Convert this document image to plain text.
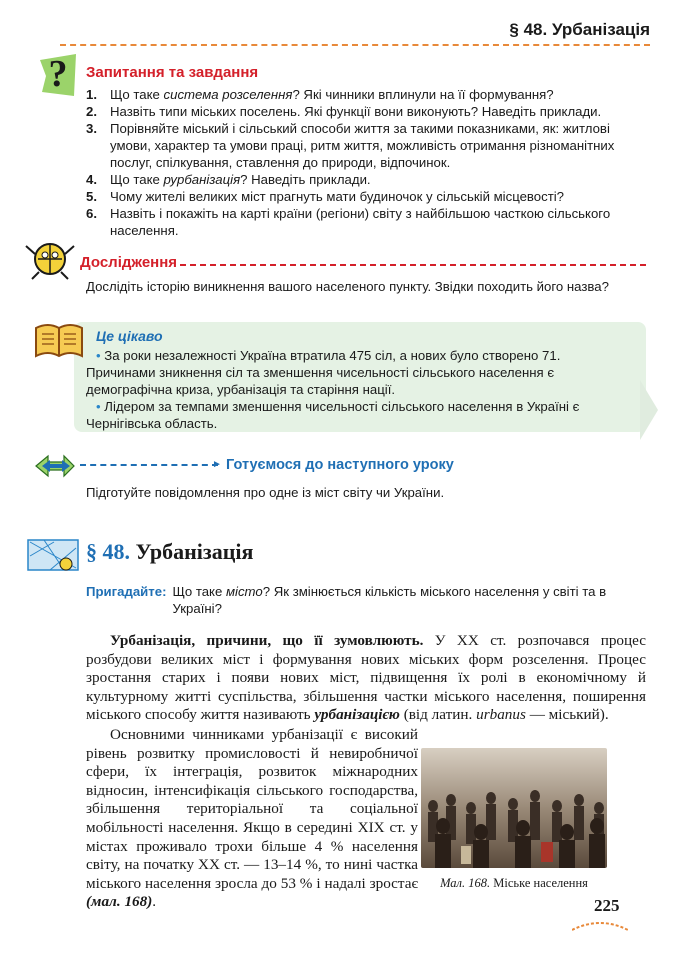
§ 48. Урбанізація
? Запитання та завдання
1. Що таке система розселення? Які чинники вплинули на її формування?
2. Назвіть типи міських поселень. Які функції вони виконують? Наведіть приклади.
3. Порівняйте міський і сільський способи життя за такими показниками, як: житлові умови, характер та умови праці, ритм життя, можливість отримання різноманітних послуг, спілкування, ставлення до природи, відпочинок.
4. Що таке рурбанізація? Наведіть приклади.
5. Чому жителі великих міст прагнуть мати будиночок у сільській місцевості?
6. Назвіть і покажіть на карті країни (регіони) світу з найбільшою часткою сільського населення.
Дослідження
Дослідіть історію виникнення вашого населеного пункту. Звідки походить його назва?
Це цікаво
• За роки незалежності Україна втратила 475 сіл, а нових було створено 71. Причинами зникнення сіл та зменшення чисельності сільського населення є демографічна криза, урбанізація та старіння нації.
• Лідером за темпами зменшення чисельності сільського населення в Україні є Чернігівська область.
► Готуємося до наступного уроку
Підготуйте повідомлення про одне із міст світу чи України.
§ 48. Урбанізація
Пригадайте: Що таке місто? Як змінюється кількість міського населення у світі та в Україні?
Урбанізація, причини, що її зумовлюють. У XX ст. розпочався процес розбудови великих міст і формування нових міських форм розселення. Процес зростання старих і появи нових міст, підвищення їх ролі в економічному й культурному житті суспільства, збільшення частки міського населення, поширення міського способу життя називають урбанізацією (від латин. urbanus — міський).
Основними чинниками урбанізації є високий рівень розвитку промисловості й невиробничої сфери, їх інтеграція, розвиток міжнародних відносин, інтенсифікація сільського господарства, збільшення територіальної та соціальної мобільності населення. Якщо в середині XIX ст. у містах проживало трохи більше 4 % населення світу, на початку XX ст. — 13–14 %, то нині частка міського населення зросла до 53 % і надалі зростає (мал. 168).
Мал. 168. Міське населення
225
